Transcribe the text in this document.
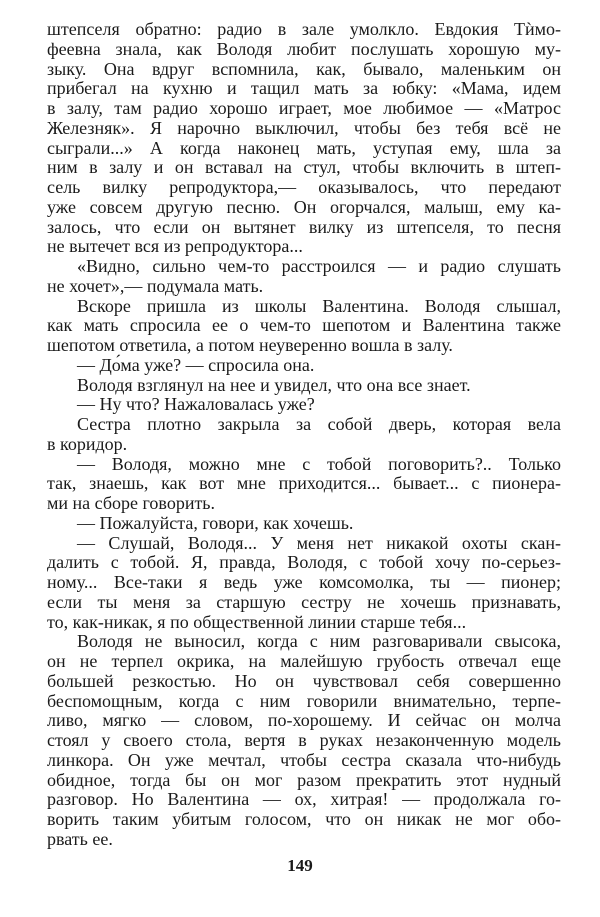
штепселя обратно: радио в зале умолкло. Евдокия Тѝмо-
феевна знала, как Володя любит послушать хорошую му-
зыку. Она вдруг вспомнила, как, бывало, маленьким он
прибегал на кухню и тащил мать за юбку: «Мама, идем
в залу, там радио хорошо играет, мое любимое — «Матрос
Железняк». Я нарочно выключил, чтобы без тебя всё не
сыграли...» А когда наконец мать, уступая ему, шла за
ним в залу и он вставал на стул, чтобы включить в штеп-
сель вилку репродуктора,— оказывалось, что передают
уже совсем другую песню. Он огорчался, малыш, ему ка-
залось, что если он вытянет вилку из штепселя, то песня
не вытечет вся из репродуктора...
«Видно, сильно чем-то расстроился — и радио слушать
не хочет»,— подумала мать.
Вскоре пришла из школы Валентина. Володя слышал,
как мать спросила ее о чем-то шепотом и Валентина также
шепотом ответила, а потом неуверенно вошла в залу.
— До́ма уже? — спросила она.
Володя взглянул на нее и увидел, что она все знает.
— Ну что? Нажаловалась уже?
Сестра плотно закрыла за собой дверь, которая вела
в коридор.
— Володя, можно мне с тобой поговорить?.. Только
так, знаешь, как вот мне приходится... бывает... с пионера-
ми на сборе говорить.
— Пожалуйста, говори, как хочешь.
— Слушай, Володя... У меня нет никакой охоты скан-
далить с тобой. Я, правда, Володя, с тобой хочу по-серьез-
ному... Все-таки я ведь уже комсомолка, ты — пионер;
если ты меня за старшую сестру не хочешь признавать,
то, как-никак, я по общественной линии старше тебя...
Володя не выносил, когда с ним разговаривали свысока,
он не терпел окрика, на малейшую грубость отвечал еще
большей резкостью. Но он чувствовал себя совершенно
беспомощным, когда с ним говорили внимательно, терпе-
ливо, мягко — словом, по-хорошему. И сейчас он молча
стоял у своего стола, вертя в руках незаконченную модель
линкора. Он уже мечтал, чтобы сестра сказала что-нибудь
обидное, тогда бы он мог разом прекратить этот нудный
разговор. Но Валентина — ох, хитрая! — продолжала го-
ворить таким убитым голосом, что он никак не мог обо-
рвать ее.
149
